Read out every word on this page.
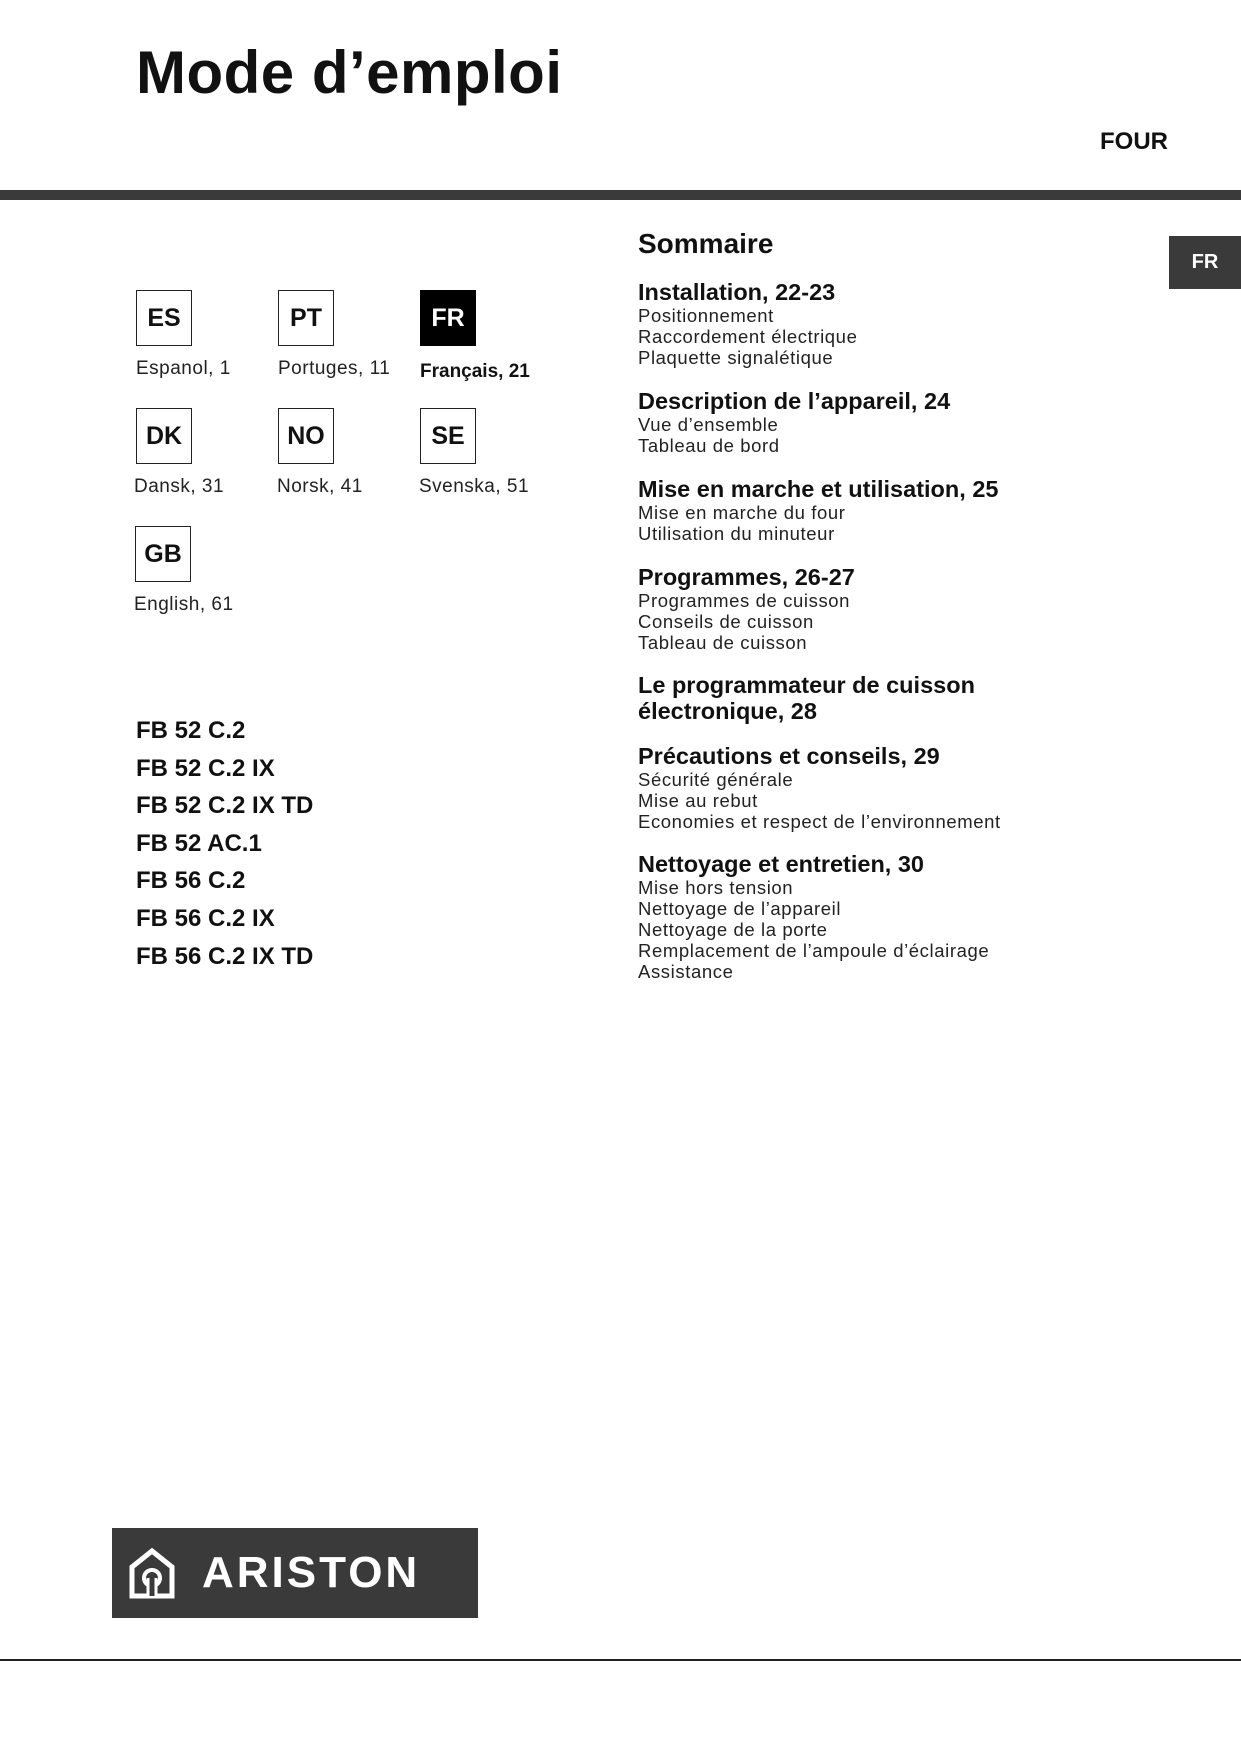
Mode d’emploi
FOUR
FR
ES
Espanol, 1
PT
Portuges, 11
FR
Français, 21
DK
Dansk, 31
NO
Norsk, 41
SE
Svenska, 51
GB
English, 61
FB 52 C.2
FB 52 C.2 IX
FB 52 C.2 IX TD
FB 52 AC.1
FB 56 C.2
FB 56 C.2 IX
FB 56 C.2 IX TD
Sommaire

Installation, 22-23

Positionnement
Raccordement électrique
Plaquette signalétique

Description de l’appareil, 24

Vue d’ensemble
Tableau de bord

Mise en marche et utilisation, 25

Mise en marche du four
Utilisation du minuteur

Programmes, 26-27

Programmes de cuisson
Conseils de cuisson
Tableau de cuisson

Le programmateur de cuisson

électronique, 28

Précautions et conseils, 29

Sécurité générale
Mise au rebut
Economies et respect de l’environnement

Nettoyage et entretien, 30

Mise hors tension
Nettoyage de l’appareil
Nettoyage de la porte
Remplacement de l’ampoule d’éclairage
Assistance
ARISTON
